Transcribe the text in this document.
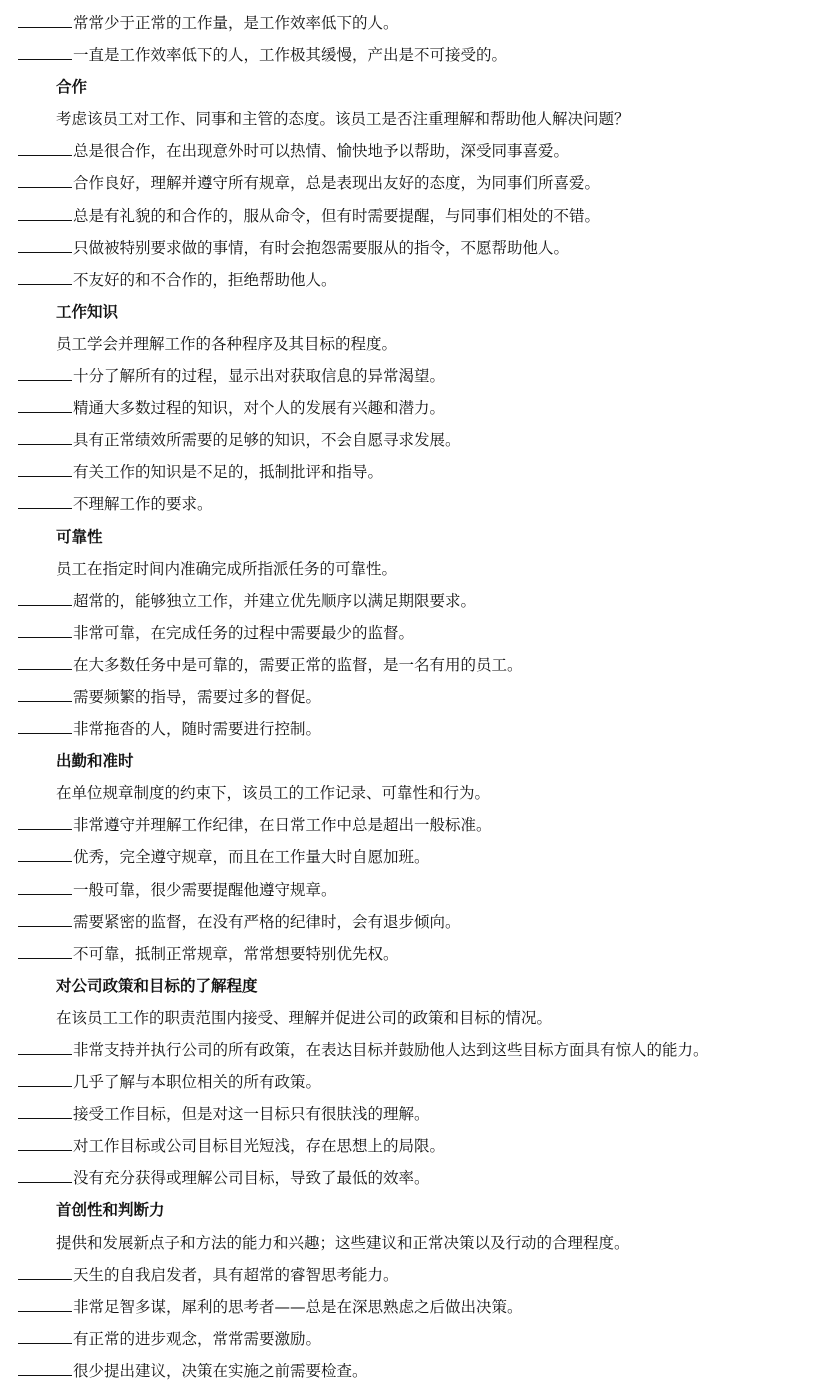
常常少于正常的工作量，是工作效率低下的人。
一直是工作效率低下的人，工作极其缓慢，产出是不可接受的。
合作
考虑该员工对工作、同事和主管的态度。该员工是否注重理解和帮助他人解决问题？
总是很合作，在出现意外时可以热情、愉快地予以帮助，深受同事喜爱。
合作良好，理解并遵守所有规章，总是表现出友好的态度，为同事们所喜爱。
总是有礼貌的和合作的，服从命令，但有时需要提醒，与同事们相处的不错。
只做被特别要求做的事情，有时会抱怨需要服从的指令，不愿帮助他人。
不友好的和不合作的，拒绝帮助他人。
工作知识
员工学会并理解工作的各种程序及其目标的程度。
十分了解所有的过程，显示出对获取信息的异常渴望。
精通大多数过程的知识，对个人的发展有兴趣和潜力。
具有正常绩效所需要的足够的知识，不会自愿寻求发展。
有关工作的知识是不足的，抵制批评和指导。
不理解工作的要求。
可靠性
员工在指定时间内准确完成所指派任务的可靠性。
超常的，能够独立工作，并建立优先顺序以满足期限要求。
非常可靠，在完成任务的过程中需要最少的监督。
在大多数任务中是可靠的，需要正常的监督，是一名有用的员工。
需要频繁的指导，需要过多的督促。
非常拖沓的人，随时需要进行控制。
出勤和准时
在单位规章制度的约束下，该员工的工作记录、可靠性和行为。
非常遵守并理解工作纪律，在日常工作中总是超出一般标准。
优秀，完全遵守规章，而且在工作量大时自愿加班。
一般可靠，很少需要提醒他遵守规章。
需要紧密的监督，在没有严格的纪律时，会有退步倾向。
不可靠，抵制正常规章，常常想要特别优先权。
对公司政策和目标的了解程度
在该员工工作的职责范围内接受、理解并促进公司的政策和目标的情况。
非常支持并执行公司的所有政策，在表达目标并鼓励他人达到这些目标方面具有惊人的能力。
几乎了解与本职位相关的所有政策。
接受工作目标，但是对这一目标只有很肤浅的理解。
对工作目标或公司目标目光短浅，存在思想上的局限。
没有充分获得或理解公司目标，导致了最低的效率。
首创性和判断力
提供和发展新点子和方法的能力和兴趣；这些建议和正常决策以及行动的合理程度。
天生的自我启发者，具有超常的睿智思考能力。
非常足智多谋，犀利的思考者——总是在深思熟虑之后做出决策。
有正常的进步观念，常常需要激励。
很少提出建议，决策在实施之前需要检查。
